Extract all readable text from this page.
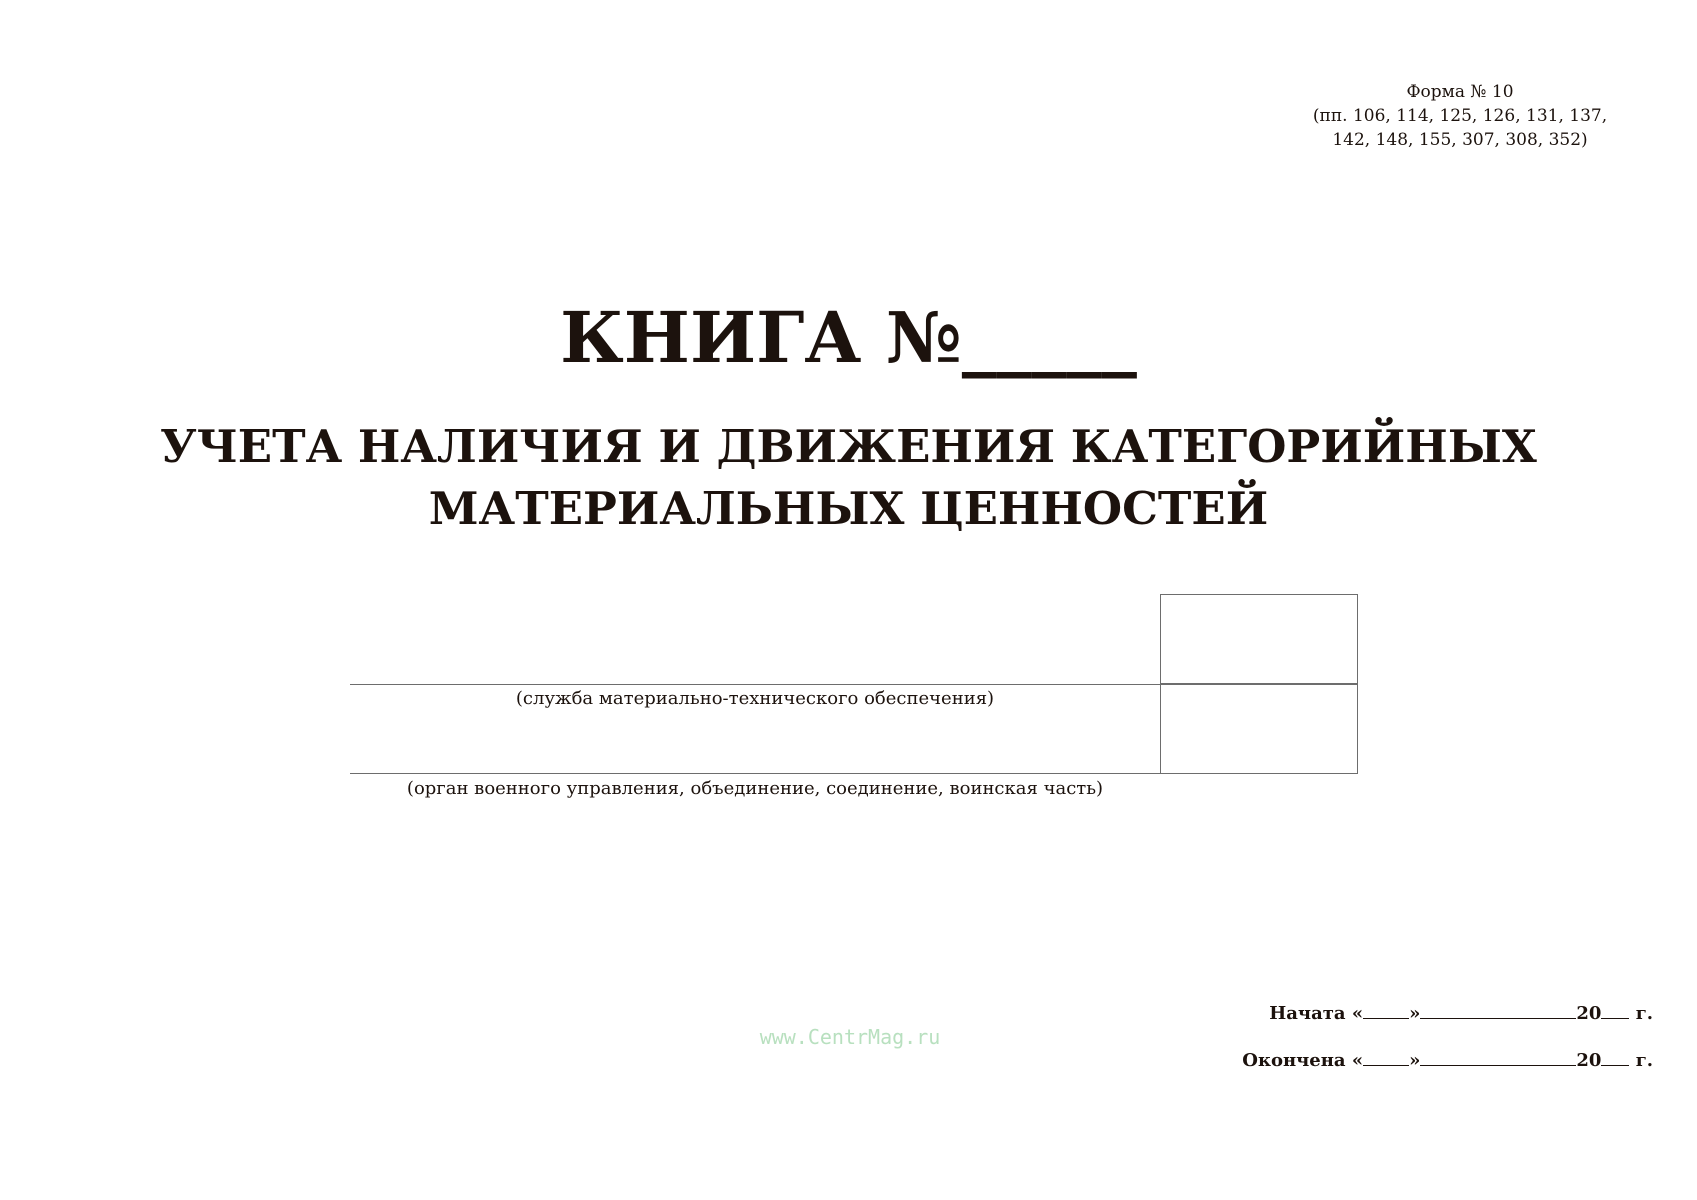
Форма № 10
(пп. 106, 114, 125, 126, 131, 137,
142, 148, 155, 307, 308, 352)
КНИГА №_____
УЧЕТА НАЛИЧИЯ И ДВИЖЕНИЯ КАТЕГОРИЙНЫХ
МАТЕРИАЛЬНЫХ ЦЕННОСТЕЙ
(служба материально-технического обеспечения)
(орган военного управления, объединение, соединение, воинская часть)
www.CentrMag.ru
Начата «	»	20 г.
Окончена «	»	20 г.
